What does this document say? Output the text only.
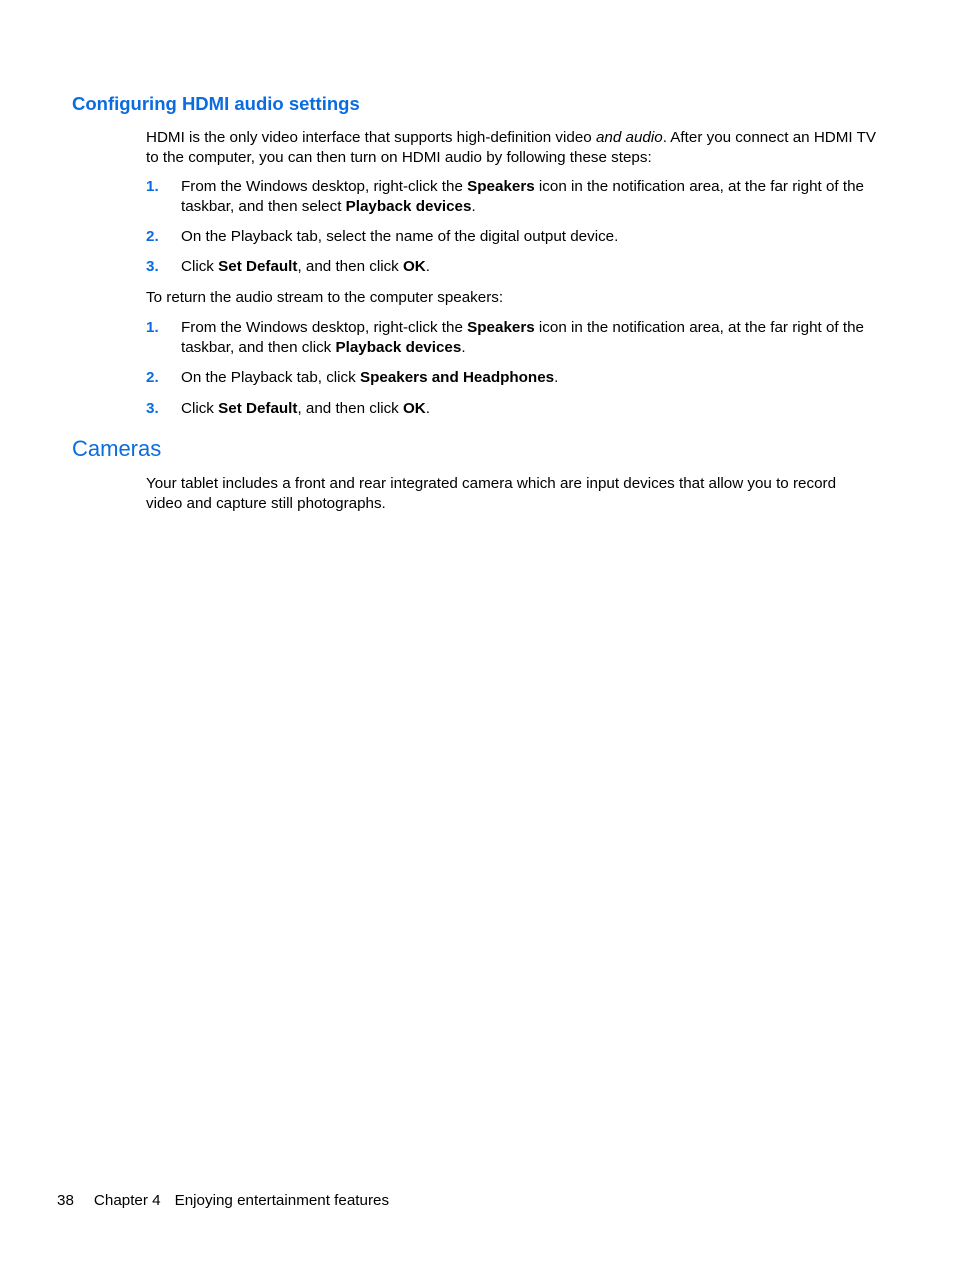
Configuring HDMI audio settings

HDMI is the only video interface that supports high-definition video and audio. After you connect an HDMI TV to the computer, you can then turn on HDMI audio by following these steps:

1.	From the Windows desktop, right-click the Speakers icon in the notification area, at the far right of the taskbar, and then select Playback devices.
2.	On the Playback tab, select the name of the digital output device.
3.	Click Set Default, and then click OK.

To return the audio stream to the computer speakers:

1.	From the Windows desktop, right-click the Speakers icon in the notification area, at the far right of the taskbar, and then click Playback devices.
2.	On the Playback tab, click Speakers and Headphones.
3.	Click Set Default, and then click OK.
Cameras

Your tablet includes a front and rear integrated camera which are input devices that allow you to record video and capture still photographs.

38 Chapter 4 Enjoying entertainment features
